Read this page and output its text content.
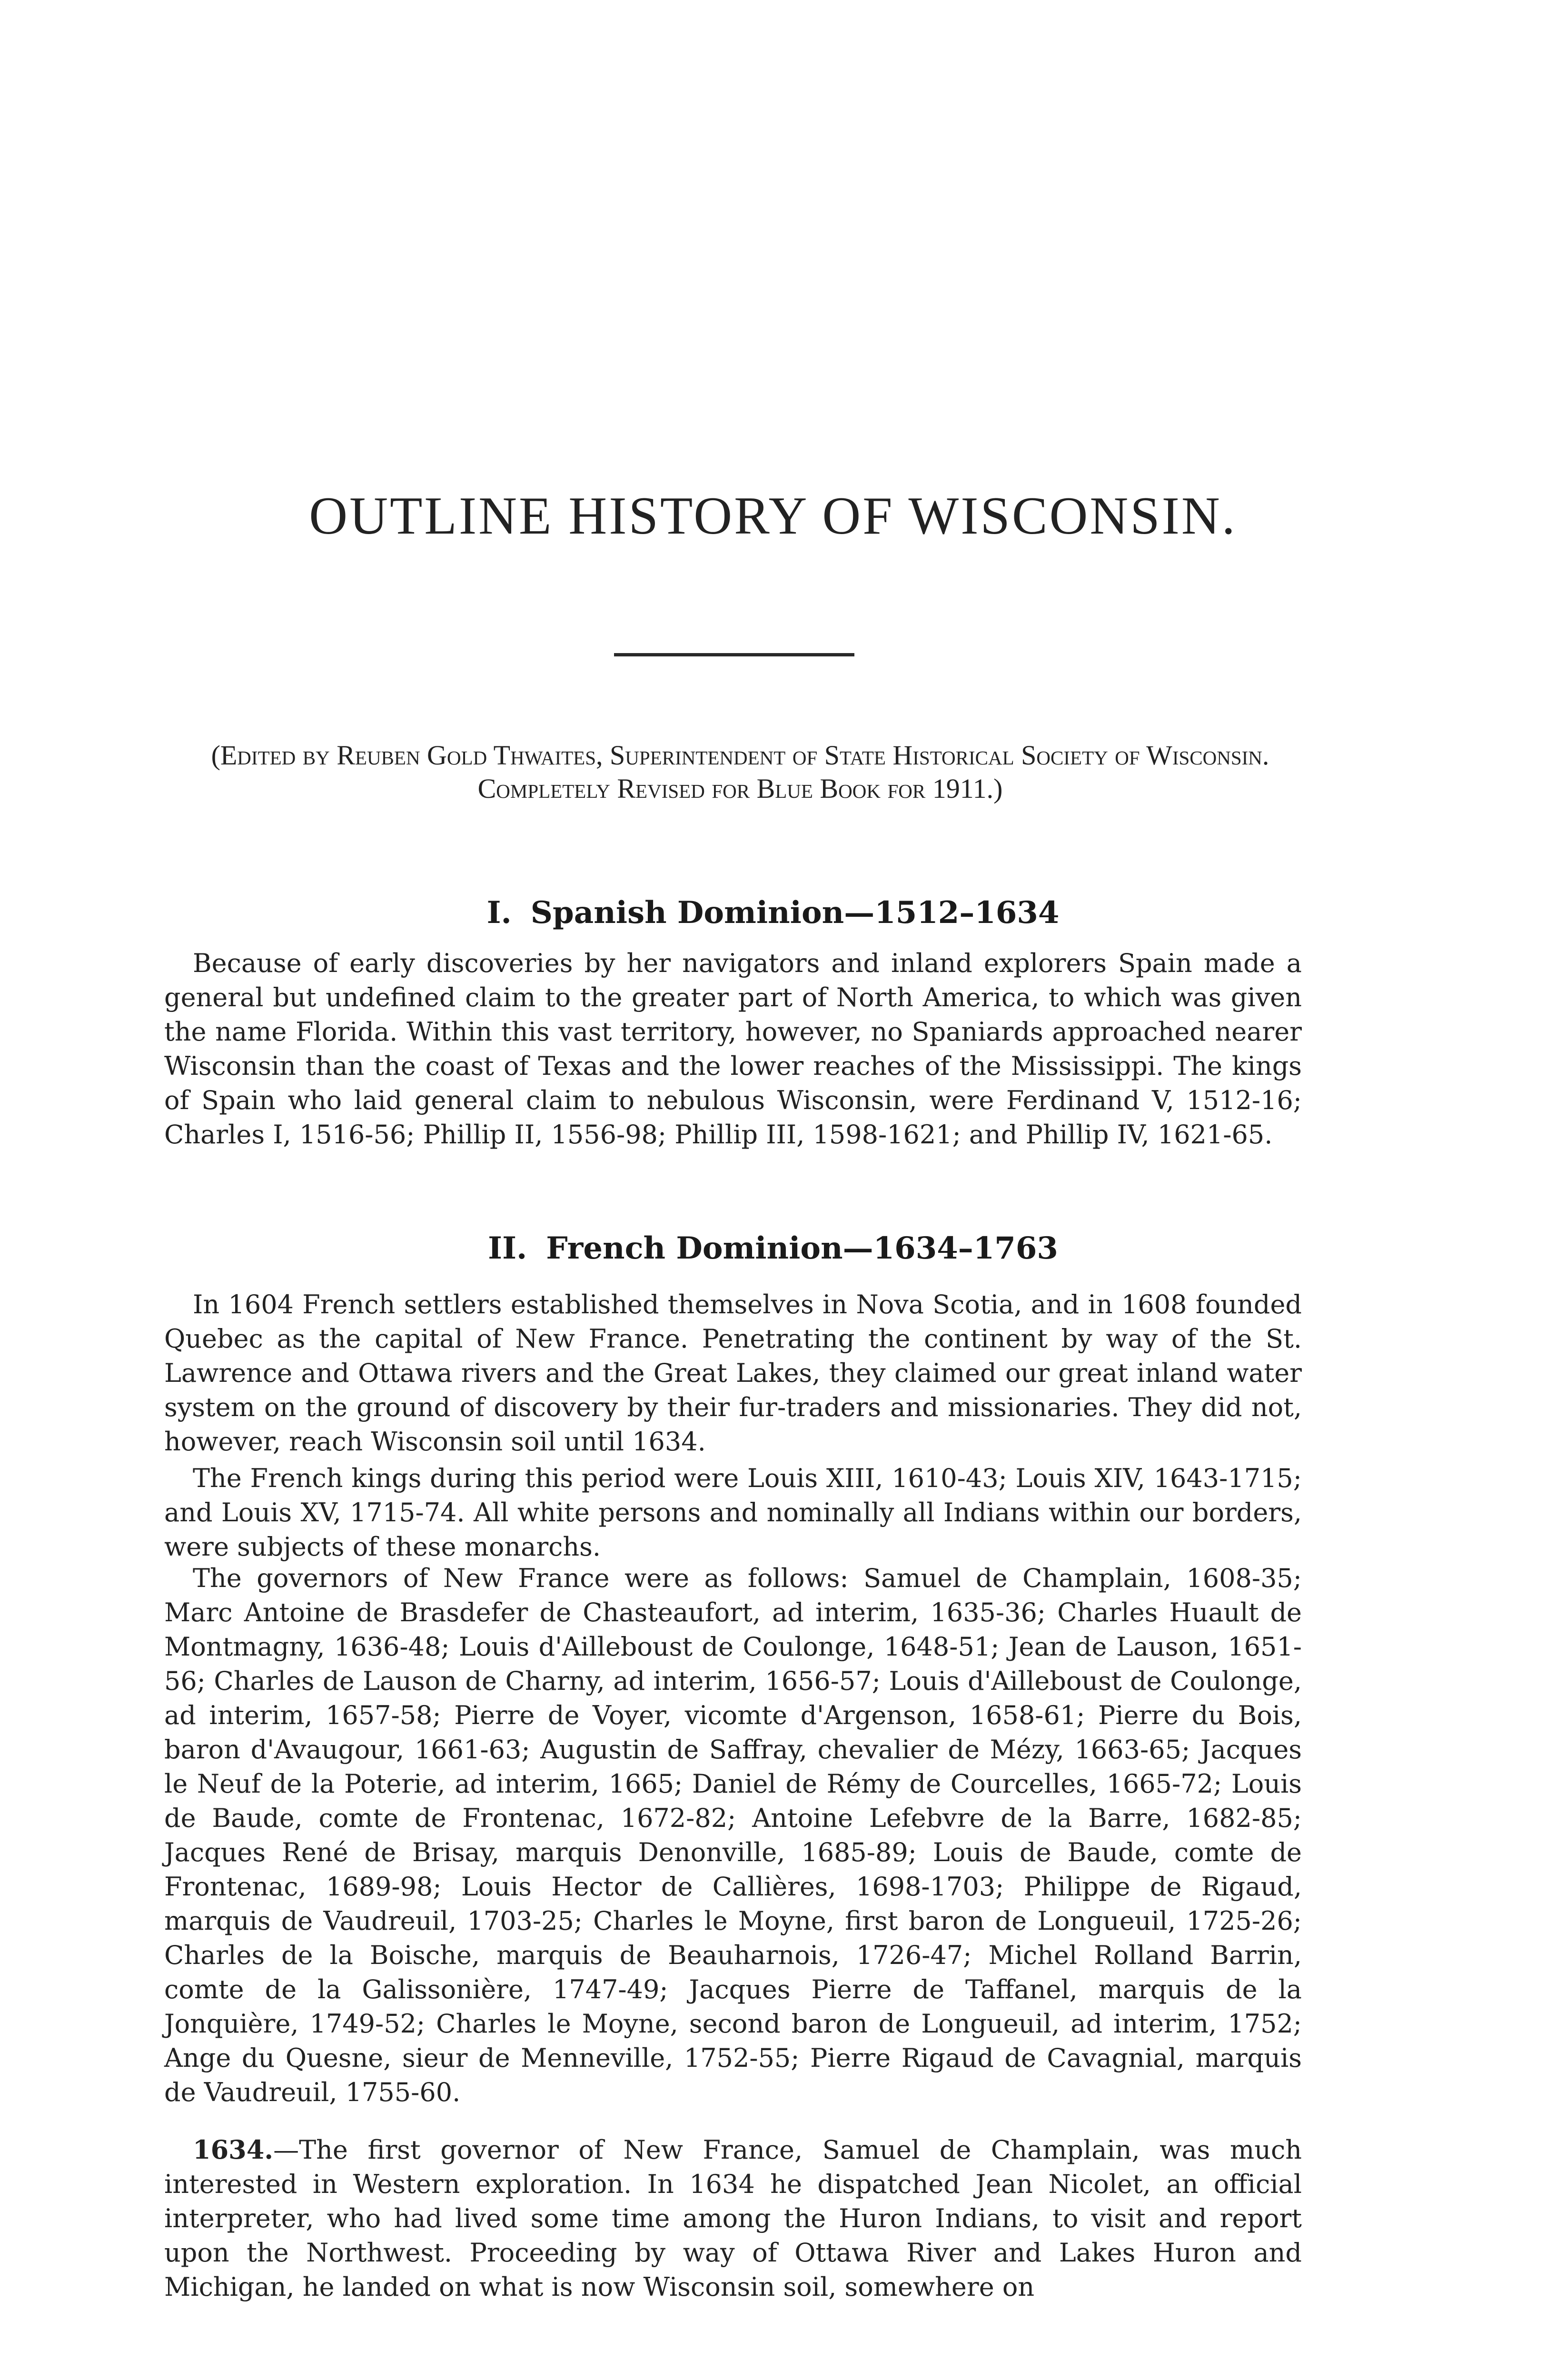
OUTLINE HISTORY OF WISCONSIN.
(Edited by Reuben Gold Thwaites, Superintendent of State Historical Society of Wisconsin. Completely Revised for Blue Book for 1911.)
I. Spanish Dominion—1512–1634
Because of early discoveries by her navigators and inland explorers Spain made a general but undefined claim to the greater part of North America, to which was given the name Florida. Within this vast territory, however, no Spaniards approached nearer Wisconsin than the coast of Texas and the lower reaches of the Mississippi. The kings of Spain who laid general claim to nebulous Wisconsin, were Ferdinand V, 1512-16; Charles I, 1516-56; Phillip II, 1556-98; Phillip III, 1598-1621; and Phillip IV, 1621-65.
II. French Dominion—1634–1763
In 1604 French settlers established themselves in Nova Scotia, and in 1608 founded Quebec as the capital of New France. Penetrating the continent by way of the St. Lawrence and Ottawa rivers and the Great Lakes, they claimed our great inland water system on the ground of discovery by their fur-traders and missionaries. They did not, however, reach Wisconsin soil until 1634.
The French kings during this period were Louis XIII, 1610-43; Louis XIV, 1643-1715; and Louis XV, 1715-74. All white persons and nominally all Indians within our borders, were subjects of these monarchs.
The governors of New France were as follows: Samuel de Champlain, 1608-35; Marc Antoine de Brasdefer de Chasteaufort, ad interim, 1635-36; Charles Huault de Montmagny, 1636-48; Louis d'Ailleboust de Coulonge, 1648-51; Jean de Lauson, 1651-56; Charles de Lauson de Charny, ad interim, 1656-57; Louis d'Ailleboust de Coulonge, ad interim, 1657-58; Pierre de Voyer, vicomte d'Argenson, 1658-61; Pierre du Bois, baron d'Avaugour, 1661-63; Augustin de Saffray, chevalier de Mézy, 1663-65; Jacques le Neuf de la Poterie, ad interim, 1665; Daniel de Rémy de Courcelles, 1665-72; Louis de Baude, comte de Frontenac, 1672-82; Antoine Lefebvre de la Barre, 1682-85; Jacques René de Brisay, marquis Denonville, 1685-89; Louis de Baude, comte de Frontenac, 1689-98; Louis Hector de Callières, 1698-1703; Philippe de Rigaud, marquis de Vaudreuil, 1703-25; Charles le Moyne, first baron de Longueuil, 1725-26; Charles de la Boische, marquis de Beauharnois, 1726-47; Michel Rolland Barrin, comte de la Galissonière, 1747-49; Jacques Pierre de Taffanel, marquis de la Jonquière, 1749-52; Charles le Moyne, second baron de Longueuil, ad interim, 1752; Ange du Quesne, sieur de Menneville, 1752-55; Pierre Rigaud de Cavagnial, marquis de Vaudreuil, 1755-60.
1634.—The first governor of New France, Samuel de Champlain, was much interested in Western exploration. In 1634 he dispatched Jean Nicolet, an official interpreter, who had lived some time among the Huron Indians, to visit and report upon the Northwest. Proceeding by way of Ottawa River and Lakes Huron and Michigan, he landed on what is now Wisconsin soil, somewhere on
